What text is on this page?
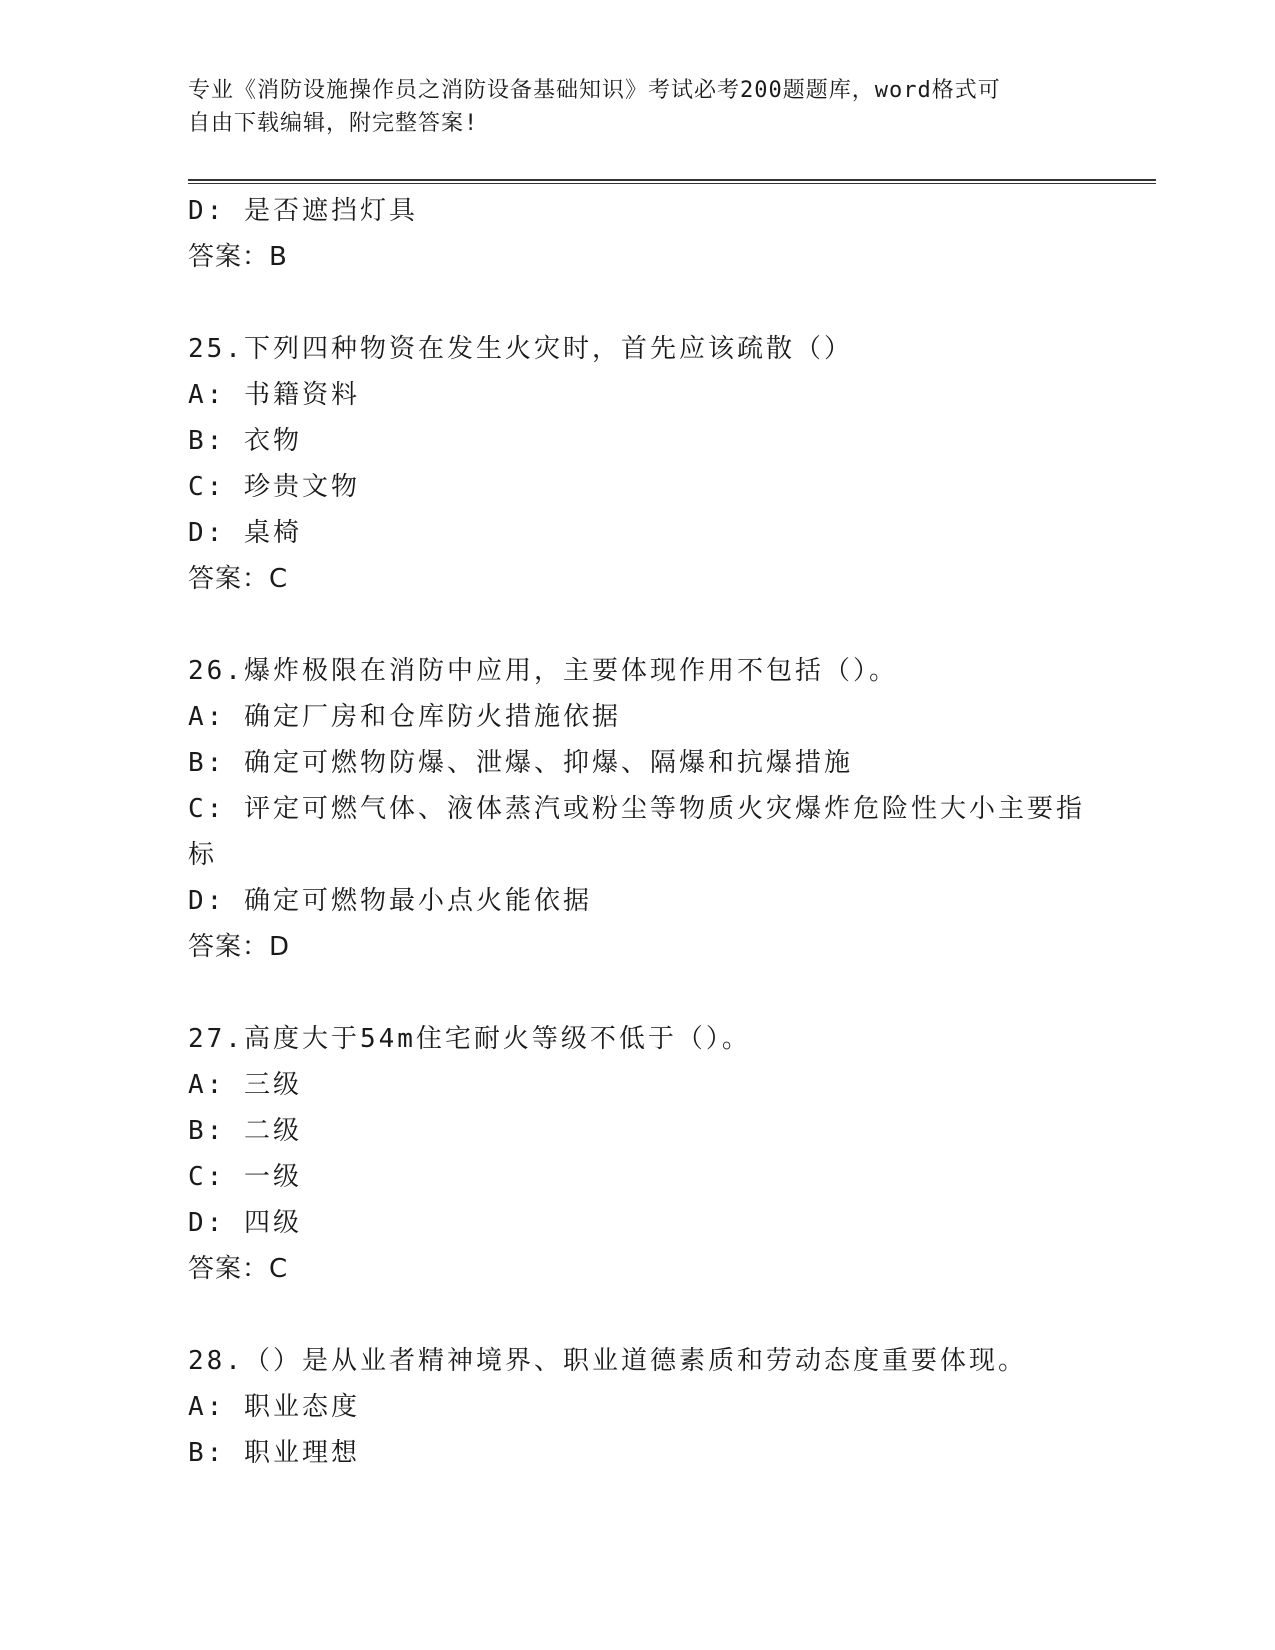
专业《消防设施操作员之消防设备基础知识》考试必考200题题库，word格式可
自由下载编辑，附完整答案!
D: 是否遮挡灯具
答案：B
25.下列四种物资在发生火灾时，首先应该疏散（）
A: 书籍资料
B: 衣物
C: 珍贵文物
D: 桌椅
答案：C
26.爆炸极限在消防中应用，主要体现作用不包括（）。
A: 确定厂房和仓库防火措施依据
B: 确定可燃物防爆、泄爆、抑爆、隔爆和抗爆措施
C: 评定可燃气体、液体蒸汽或粉尘等物质火灾爆炸危险性大小主要指标
D: 确定可燃物最小点火能依据
答案：D
27.高度大于54m住宅耐火等级不低于（）。
A: 三级
B: 二级
C: 一级
D: 四级
答案：C
28.（）是从业者精神境界、职业道德素质和劳动态度重要体现。
A: 职业态度
B: 职业理想
